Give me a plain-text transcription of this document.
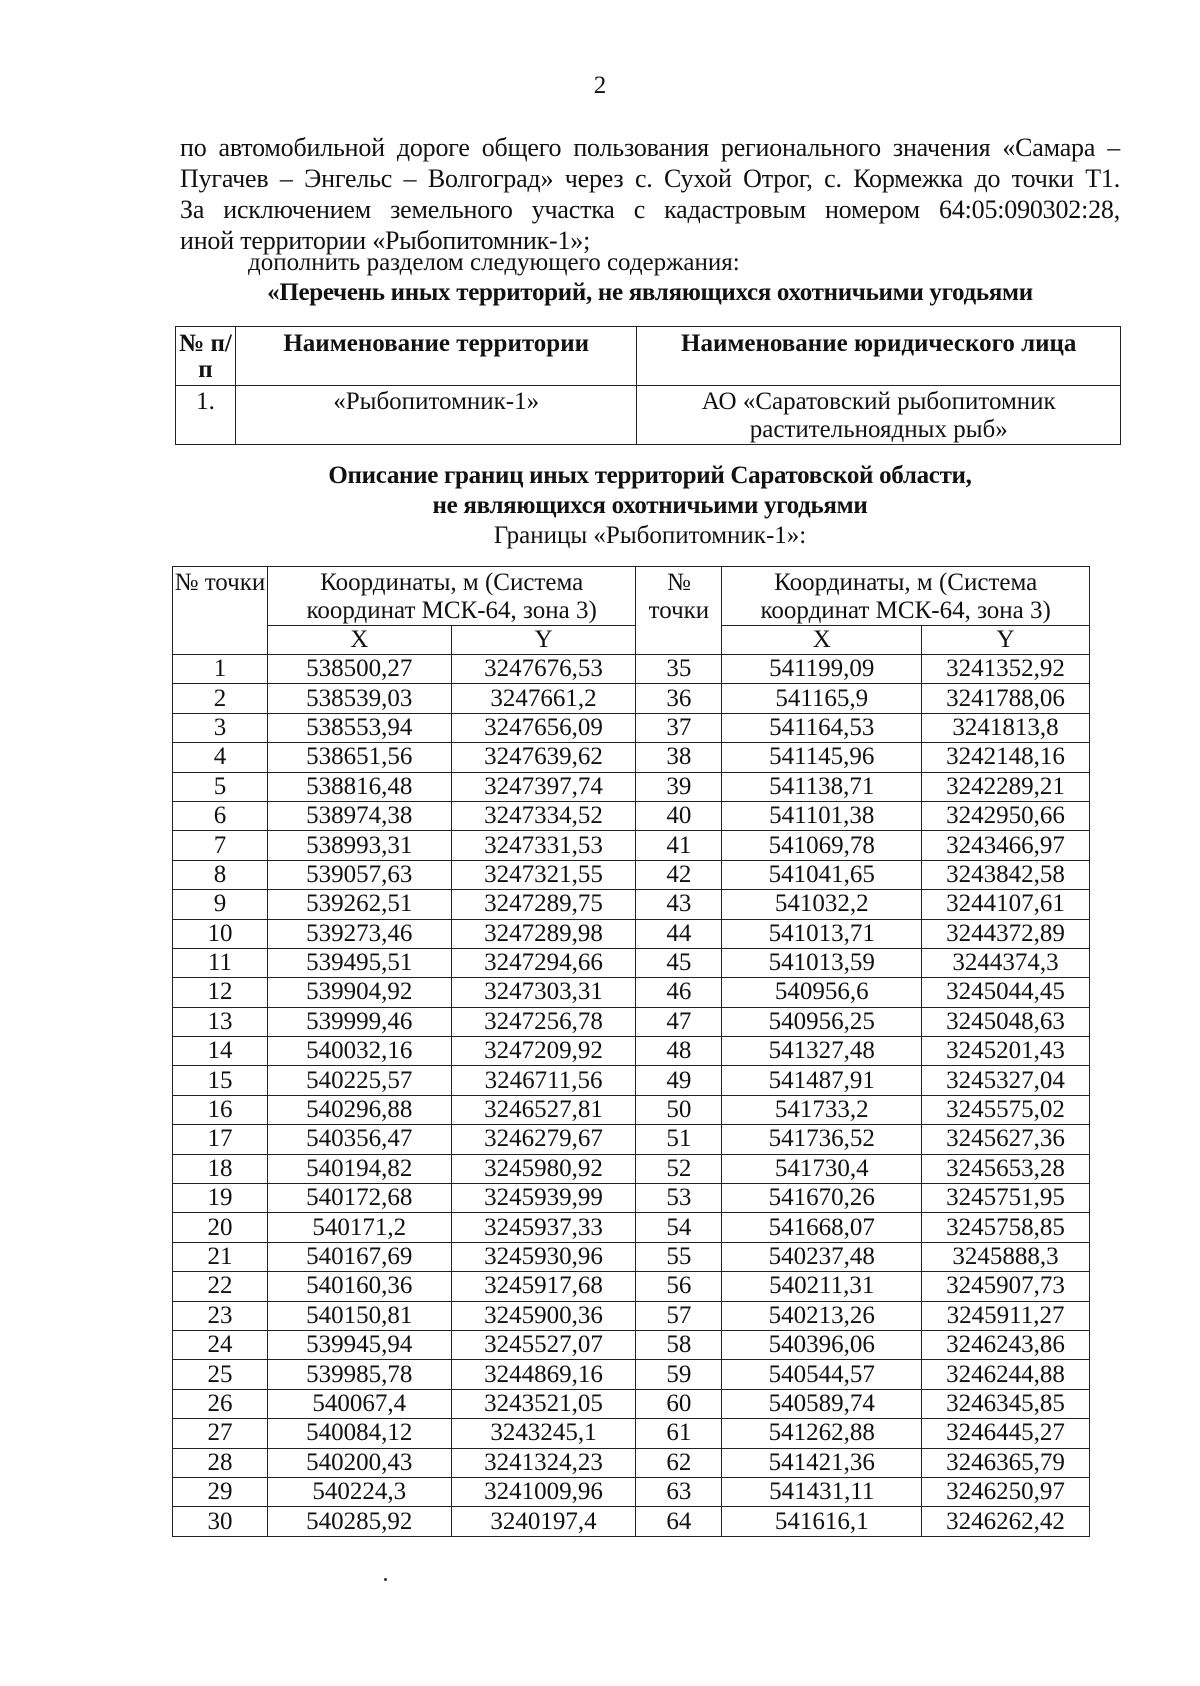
2

по автомобильной дороге общего пользования регионального значения «Самара –

Пугачев – Энгельс – Волгоград» через с. Сухой Отрог, с. Кормежка до точки Т1.

За исключением земельного участка с кадастровым номером 64:05:090302:28,

иной территории «Рыбопитомник-1»;

дополнить разделом следующего содержания:
«Перечень иных территорий, не являющихся охотничьими угодьями
№ п/п	Наименование территории	Наименование юридического лица
1.	«Рыбопитомник-1»	АО «Саратовский рыбопитомник растительноядных рыб»
Описание границ иных территорий Саратовской области,
не являющихся охотничьими угодьями
Границы «Рыбопитомник-1»:
№ точки	Координаты, м (Система координат МСК-64, зона 3)		№ точки	Координаты, м (Система координат МСК-64, зона 3)	
	X	Y		X	Y
1	538500,27	3247676,53	35	541199,09	3241352,92
2	538539,03	3247661,2	36	541165,9	3241788,06
3	538553,94	3247656,09	37	541164,53	3241813,8
4	538651,56	3247639,62	38	541145,96	3242148,16
5	538816,48	3247397,74	39	541138,71	3242289,21
6	538974,38	3247334,52	40	541101,38	3242950,66
7	538993,31	3247331,53	41	541069,78	3243466,97
8	539057,63	3247321,55	42	541041,65	3243842,58
9	539262,51	3247289,75	43	541032,2	3244107,61
10	539273,46	3247289,98	44	541013,71	3244372,89
11	539495,51	3247294,66	45	541013,59	3244374,3
12	539904,92	3247303,31	46	540956,6	3245044,45
13	539999,46	3247256,78	47	540956,25	3245048,63
14	540032,16	3247209,92	48	541327,48	3245201,43
15	540225,57	3246711,56	49	541487,91	3245327,04
16	540296,88	3246527,81	50	541733,2	3245575,02
17	540356,47	3246279,67	51	541736,52	3245627,36
18	540194,82	3245980,92	52	541730,4	3245653,28
19	540172,68	3245939,99	53	541670,26	3245751,95
20	540171,2	3245937,33	54	541668,07	3245758,85
21	540167,69	3245930,96	55	540237,48	3245888,3
22	540160,36	3245917,68	56	540211,31	3245907,73
23	540150,81	3245900,36	57	540213,26	3245911,27
24	539945,94	3245527,07	58	540396,06	3246243,86
25	539985,78	3244869,16	59	540544,57	3246244,88
26	540067,4	3243521,05	60	540589,74	3246345,85
27	540084,12	3243245,1	61	541262,88	3246445,27
28	540200,43	3241324,23	62	541421,36	3246365,79
29	540224,3	3241009,96	63	541431,11	3246250,97
30	540285,92	3240197,4	64	541616,1	3246262,42
